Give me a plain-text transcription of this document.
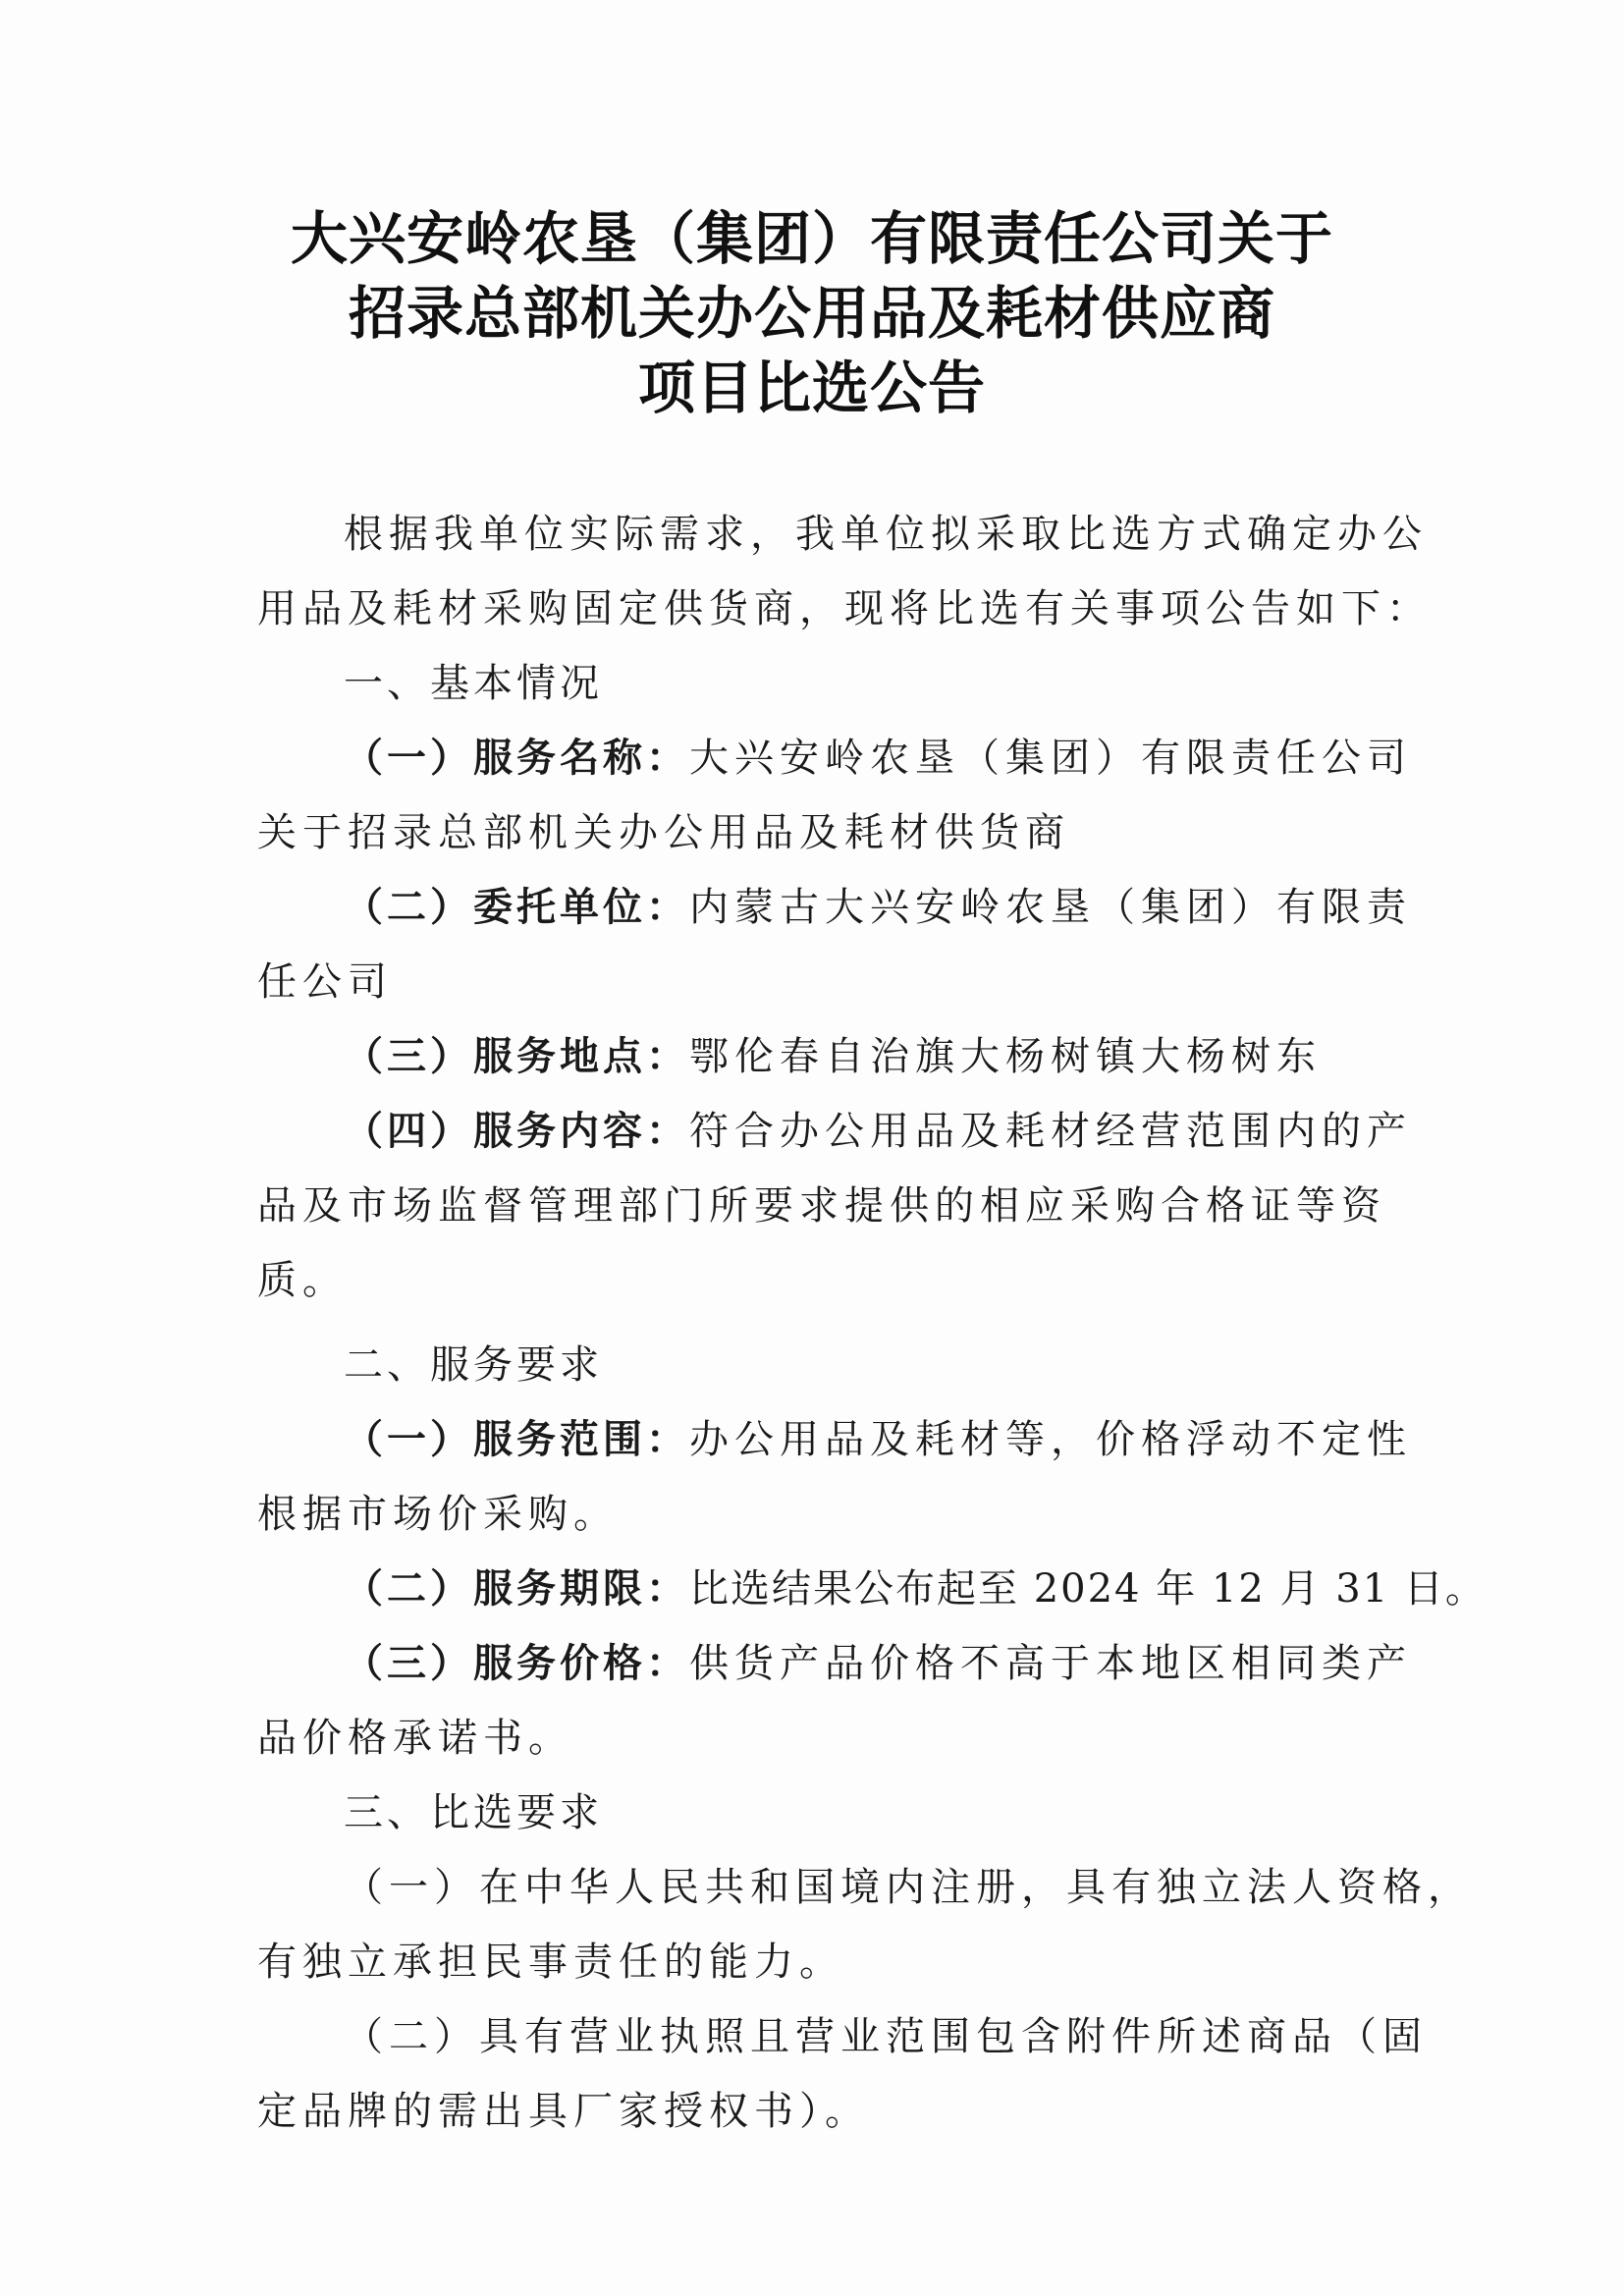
大兴安岭农垦（集团）有限责任公司关于
招录总部机关办公用品及耗材供应商
项目比选公告
根据我单位实际需求，我单位拟采取比选方式确定办公
用品及耗材采购固定供货商，现将比选有关事项公告如下：
一、基本情况
（一）服务名称：大兴安岭农垦（集团）有限责任公司
关于招录总部机关办公用品及耗材供货商
（二）委托单位：内蒙古大兴安岭农垦（集团）有限责
任公司
（三）服务地点：鄂伦春自治旗大杨树镇大杨树东
（四）服务内容：符合办公用品及耗材经营范围内的产
品及市场监督管理部门所要求提供的相应采购合格证等资
质。
二、服务要求
（一）服务范围：办公用品及耗材等，价格浮动不定性
根据市场价采购。
（二）服务期限：比选结果公布起至 2024 年 12 月 31 日。
（三）服务价格：供货产品价格不高于本地区相同类产
品价格承诺书。
三、比选要求
（一）在中华人民共和国境内注册，具有独立法人资格，
有独立承担民事责任的能力。
（二）具有营业执照且营业范围包含附件所述商品（固
定品牌的需出具厂家授权书）。
